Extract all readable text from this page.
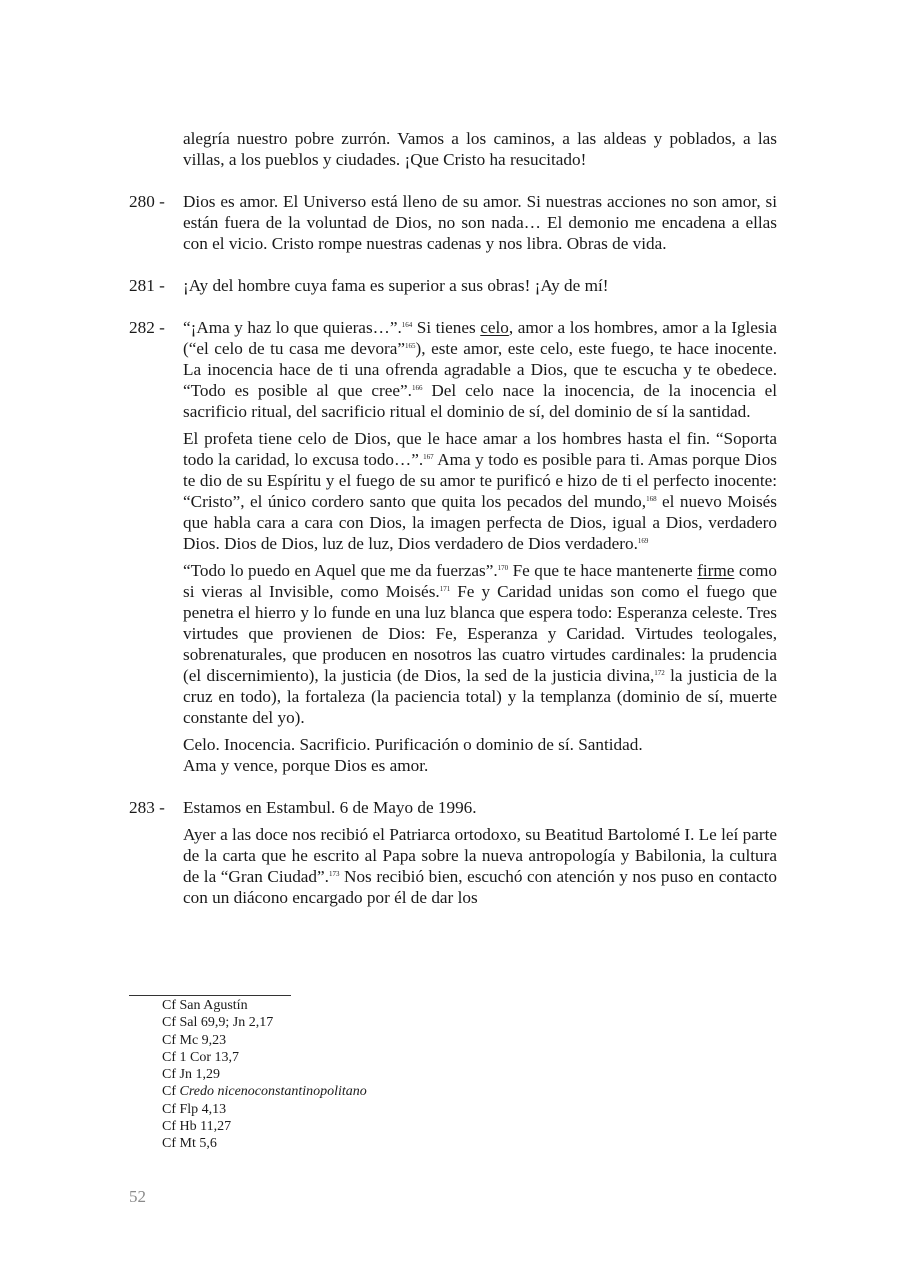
alegría nuestro pobre zurrón. Vamos a los caminos, a las aldeas y poblados, a las villas, a los pueblos y ciudades. ¡Que Cristo ha resucitado!

280 - Dios es amor. El Universo está lleno de su amor. Si nuestras acciones no son amor, si están fuera de la voluntad de Dios, no son nada… El demonio me encadena a ellas con el vicio. Cristo rompe nuestras cadenas y nos libra. Obras de vida.

281 - ¡Ay del hombre cuya fama es superior a sus obras! ¡Ay de mí!

282 - “¡Ama y haz lo que quieras…”.$^{164}$ Si tienes celo, amor a los hombres, amor a la Iglesia (“el celo de tu casa me devora”$^{165}$), este amor, este celo, este fuego, te hace inocente. La inocencia hace de ti una ofrenda agradable a Dios, que te escucha y te obedece. “Todo es posible al que cree”.$^{166}$ Del celo nace la inocencia, de la inocencia el sacrificio ritual, del sacrificio ritual el dominio de sí, del dominio de sí la santidad.

El profeta tiene celo de Dios, que le hace amar a los hombres hasta el fin. “Soporta todo la caridad, lo excusa todo…”.$^{167}$ Ama y todo es posible para ti. Amas porque Dios te dio de su Espíritu y el fuego de su amor te purificó e hizo de ti el perfecto inocente: “Cristo”, el único cordero santo que quita los pecados del mundo,$^{168}$ el nuevo Moisés que habla cara a cara con Dios, la imagen perfecta de Dios, igual a Dios, verdadero Dios. Dios de Dios, luz de luz, Dios verdadero de Dios verdadero.$^{169}$

“Todo lo puedo en Aquel que me da fuerzas”.$^{170}$ Fe que te hace mantenerte firme como si vieras al Invisible, como Moisés.$^{171}$ Fe y Caridad unidas son como el fuego que penetra el hierro y lo funde en una luz blanca que espera todo: Esperanza celeste. Tres virtudes que provienen de Dios: Fe, Esperanza y Caridad. Virtudes teologales, sobrenaturales, que producen en nosotros las cuatro virtudes cardinales: la prudencia (el discernimiento), la justicia (de Dios, la sed de la justicia divina,$^{172}$ la justicia de la cruz en todo), la fortaleza (la paciencia total) y la templanza (dominio de sí, muerte constante del yo).

Celo. Inocencia. Sacrificio. Purificación o dominio de sí. Santidad.

Ama y vence, porque Dios es amor.

283 - Estamos en Estambul. 6 de Mayo de 1996.

Ayer a las doce nos recibió el Patriarca ortodoxo, su Beatitud Bartolomé I. Le leí parte de la carta que he escrito al Papa sobre la nueva antropología y Babilonia, la cultura de la “Gran Ciudad”.$^{173}$ Nos recibió bien, escuchó con atención y nos puso en contacto con un diácono encargado por él de dar los

Cf San Agustín
Cf Sal 69,9; Jn 2,17
Cf Mc 9,23
Cf 1 Cor 13,7
Cf Jn 1,29
Cf Credo nicenoconstantinopolitano
Cf Flp 4,13
Cf Hb 11,27
Cf Mt 5,6
52
